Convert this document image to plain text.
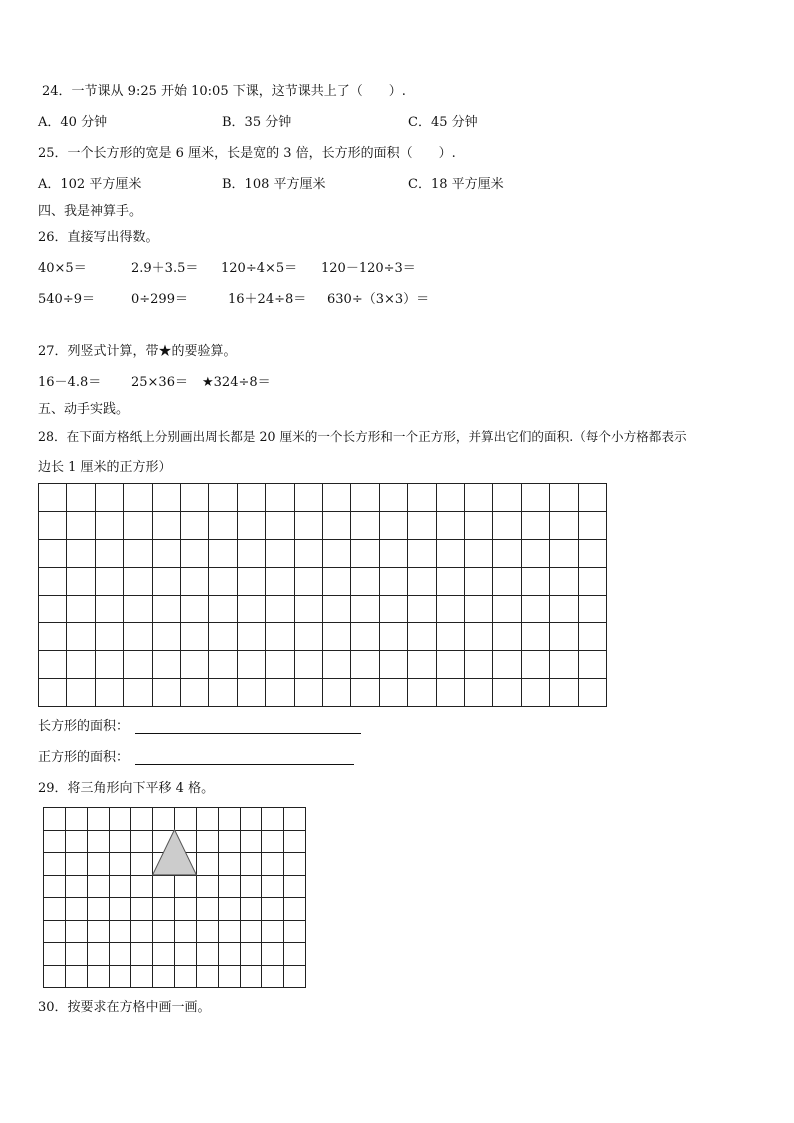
24．一节课从 9:25 开始 10:05 下课，这节课共上了（　　）.
A．40 分钟	B．35 分钟	C．45 分钟
25．一个长方形的宽是 6 厘米，长是宽的 3 倍，长方形的面积（　　）.
A．102 平方厘米	B．108 平方厘米	C．18 平方厘米
四、我是神算手。
26．直接写出得数。
40×5＝	2.9＋3.5＝ 120÷4×5＝ 120－120÷3＝
540÷9＝	0÷299＝	16＋24÷8＝ 630÷（3×3）＝
27．列竖式计算，带★的要验算。
16－4.8＝ 25×36＝ ★324÷8＝
五、动手实践。
28．在下面方格纸上分别画出周长都是 20 厘米的一个长方形和一个正方形，并算出它们的面积.（每个小方格都表示
边长 1 厘米的正方形）
长方形的面积：
正方形的面积：
29．将三角形向下平移 4 格。
30．按要求在方格中画一画。
